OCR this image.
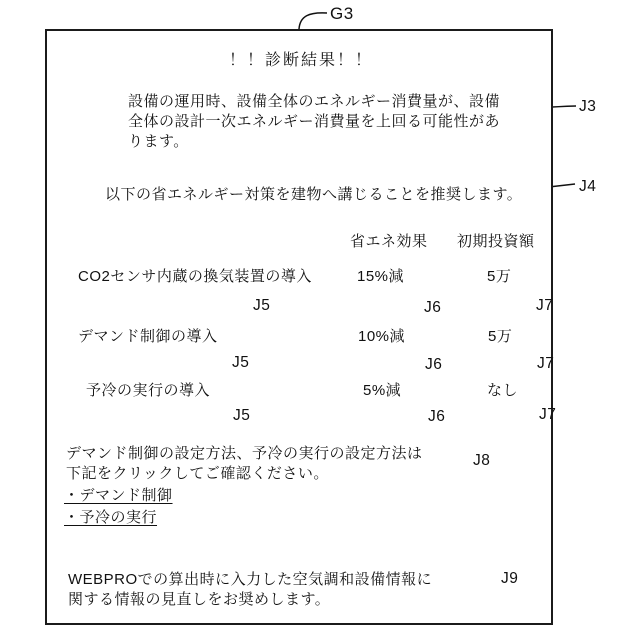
G3
！！診断結果！！
設備の運用時、設備全体のエネルギー消費量が、設備
全体の設計一次エネルギー消費量を上回る可能性があ
ります。
J3
以下の省エネルギー対策を建物へ講じることを推奨します。	J4
省エネ効果 初期投資額
CO2センサ内蔵の換気装置の導入	15%減	5万
J5	J6	J7
デマンド制御の導入	10%減	5万
J5	J6	J7
予冷の実行の導入	5%減	なし
J5	J6	J7
デマンド制御の設定方法、予冷の実行の設定方法は
下記をクリックしてご確認ください。
・デマンド制御
・予冷の実行
J8
WEBPROでの算出時に入力した空気調和設備情報に
関する情報の見直しをお奨めします。
J9
